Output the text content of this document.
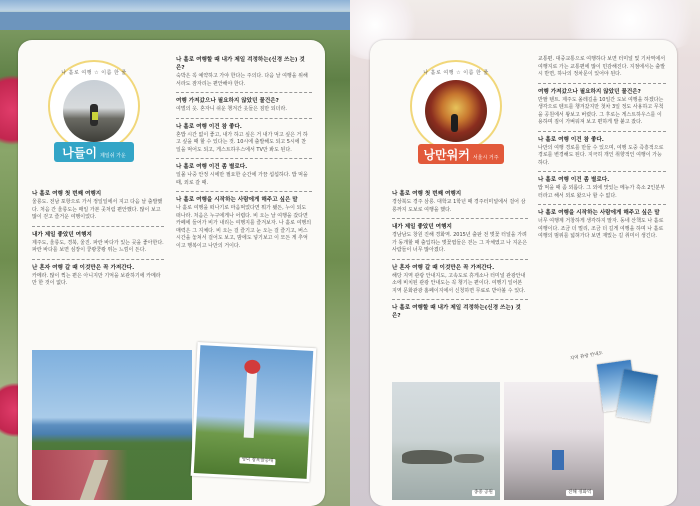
나 홀로 여행 ☆ 이름 한 줄
나들이 제일쉬 가운

나 홀로 여행 첫 번째 여행지

울릉도. 전남 포항으로 가서 정일일에서 지고 다음 날 출발했다. 처음 간 울릉도는 매일 가본 곳처럼 편안했다. 많이 보고 많이 걷고 즐거운 여행이었다.

내가 제일 좋았던 여행지

제주도, 울릉도, 경북, 울진. 파란 바다가 있는 곳을 좋아한다. 파란 바다를 보면 심장이 쿵쾅쿵쾅 뛰는 느낌이 든다.

난 혼자 여행 갈 때 이것만은 꼭 가져간다.

카메라. 많이 찍는 편은 아니지만 기억을 보관하기에 카메라만 한 것이 없다.

나 홀로 여행할 때 내가 제일 걱정하는(신경 쓰는) 것은?

숙박은 꼭 예약하고 가야 한다는 주의다. 다음 날 여행을 위해서라도 잠자리는 편안해야 한다.

여행 가져갔으나 필요하지 않았던 물건은?

여벌의 옷. 혼자니 쉬운 챙겨간 옷들은 짐만 되더라.

나 홀로 여행 이건 참 좋다.

혼밥 시간 없이 좋고, 내가 하고 싶은 거 내가 먹고 싶은 거 하고 싶을 때 할 수 있다는 것. 10시에 출발해도 되고 5시에 찬 일을 먹어도 되고, 게스트하우스에서 TV만 봐도 된다.

나 홀로 여행 이건 좀 별로다.

일몰 나중 안정 시에만 필요한 순간에 가끔 섭섭하다. 밥 먹을 때, 외로 갈 때.

나 홀로 여행을 시작하는 사람에게 해주고 싶은 말

나 홀로 여행을 떠나기로 마음먹었다면 뭐가 됐든, 누이 되도 떠나라. 처음은 누구에게나 어렵다. 비 오는 날 여행을 갔다면 카페에 들어가 비가 내리는 여행지를 즐겨보자. 나 홀로 여행의 매력은 그 지체다. 비 오는 걸 즐기고 눈 오는 걸 즐기고, 버스 시간을 놓쳐서 걸어도 보고, 밤에도 넣기보고 이 모든 게 추억이고 행복이고 나만의 거이다.

영덕 창포말등대
나 홀로 여행 ☆ 이름 한 줄
낭만워커 서울시 거주

나 홀로 여행 첫 번째 여행지

경상북도 경주 삼릉. 대학교 1학년 때 경주터미널에서 걸어 삼릉까지 도보로 여행을 했다.

내가 제일 좋았던 여행지

경남남도 창원 진해 경화역. 2015년 출판 전 벚꽃 터널을 가려가 동개할 때 출입하는 벚꽃엽들은 걷는 그 자체였고 나 지운은 사람들이 너무 많아졌다.

난 혼자 여행 갈 때 이것만은 꼭 가져간다.

해당 지역 관광 안내지도, 고속도로 휴게소나 터미널 관광안내소에 비치된 관광 안내도는 꼭 챙기는 편이다. 여행기 일어본 지역 문화관광 홈페이지에서 신청하면 무료로 받아볼 수 있다.

나 홀로 여행할 때 내가 제일 걱정하는(신경 쓰는) 것은?

교통편. 대중교통으로 여행하다 보면 터미널 및 기차역에서 여행지로 가는 교통편에 많이 민감해진다. 지점에서는 출발시 반면, 하나의 정차문이 있어야 된다.

여행 가져갔으나 필요하지 않았던 물건은?

반팔 텐트. 제주도 올레길을 10일간 도보 여행을 하겠다는 생각으로 텐트를 챙겨갔지만 첫차 3일 정도 사용하고 무척을 공원에서 왕보고 버렸다. 그 후로는 게스트하우스를 이용하며 짐이 가벼워져 보고 편하게 발 붙고 잤다.

나 홀로 여행 이건 참 좋다.

나만의 여행 경로를 만들 수 있으며, 여행 도중 즉흥적으로 경로를 변경해도 된다. 지극히 개인 취향적인 여행이 가능하다.

나 홀로 여행 이건 좀 별로다.

밥 먹을 때 좀 외롭다. 그 외에 맛있는 메뉴가 혹소 2인분부터라고 해서 외로 왔으나 할 수 없다.

나 홀로 여행을 시작하는 사람에게 해주고 싶은 말

너무 여행계 거창하게 생각하지 말자. 동네 산책도 나 홀로 여행이다. 조금 더 멀리, 조금 더 길게 여행을 하며 나 홀로 여행의 범위를 넓혀가다 보면 재밌는 길 취미이 생긴다.

종중 공원	진해 경화역
지역 관광 안내도
